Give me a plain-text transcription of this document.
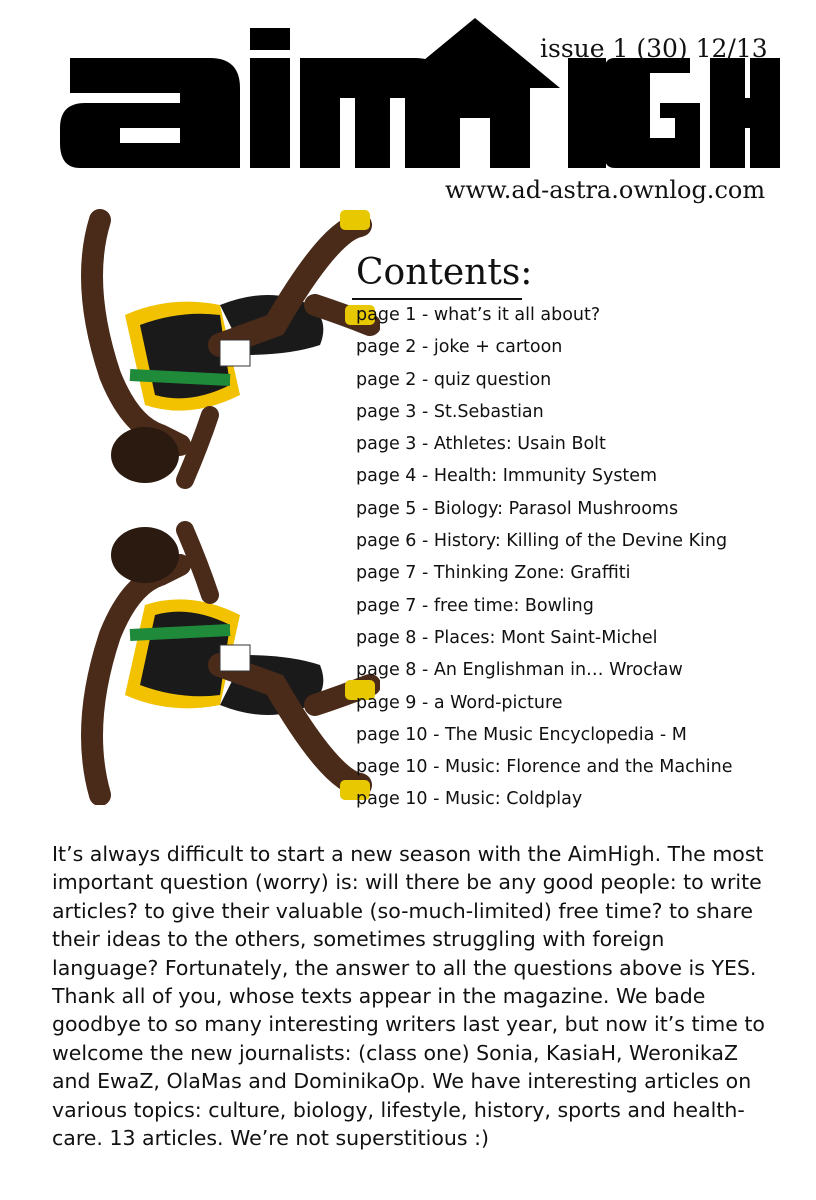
issue 1 (30) 12/13
www.ad-astra.ownlog.com
Contents:
page 1 - what’s it all about?
page 2 - joke + cartoon
page 2 - quiz question
page 3 - St.Sebastian
page 3 - Athletes: Usain Bolt
page 4 - Health: Immunity System
page 5 - Biology: Parasol Mushrooms
page 6 - History: Killing of the Devine King
page 7 - Thinking Zone: Graffiti
page 7 - free time: Bowling
page 8 - Places: Mont Saint-Michel
page 8 - An Englishman in… Wrocław
page 9 - a Word-picture
page 10 - The Music Encyclopedia - M
page 10 - Music: Florence and the Machine
page 10 - Music: Coldplay

It’s always difficult to start a new season with the AimHigh. The most important question (worry) is: will there be any good people: to write articles? to give their valuable (so-much-limited) free time? to share their ideas to the others, sometimes struggling with foreign language? Fortunately, the answer to all the questions above is YES. Thank all of you, whose texts appear in the magazine. We bade goodbye to so many interesting writers last year, but now it’s time to welcome the new journalists: (class one) Sonia, KasiaH, WeronikaZ and EwaZ, OlaMas and DominikaOp. We have interesting articles on various topics: culture, biology, lifestyle, history, sports and health-care. 13 articles. We’re not superstitious :)
